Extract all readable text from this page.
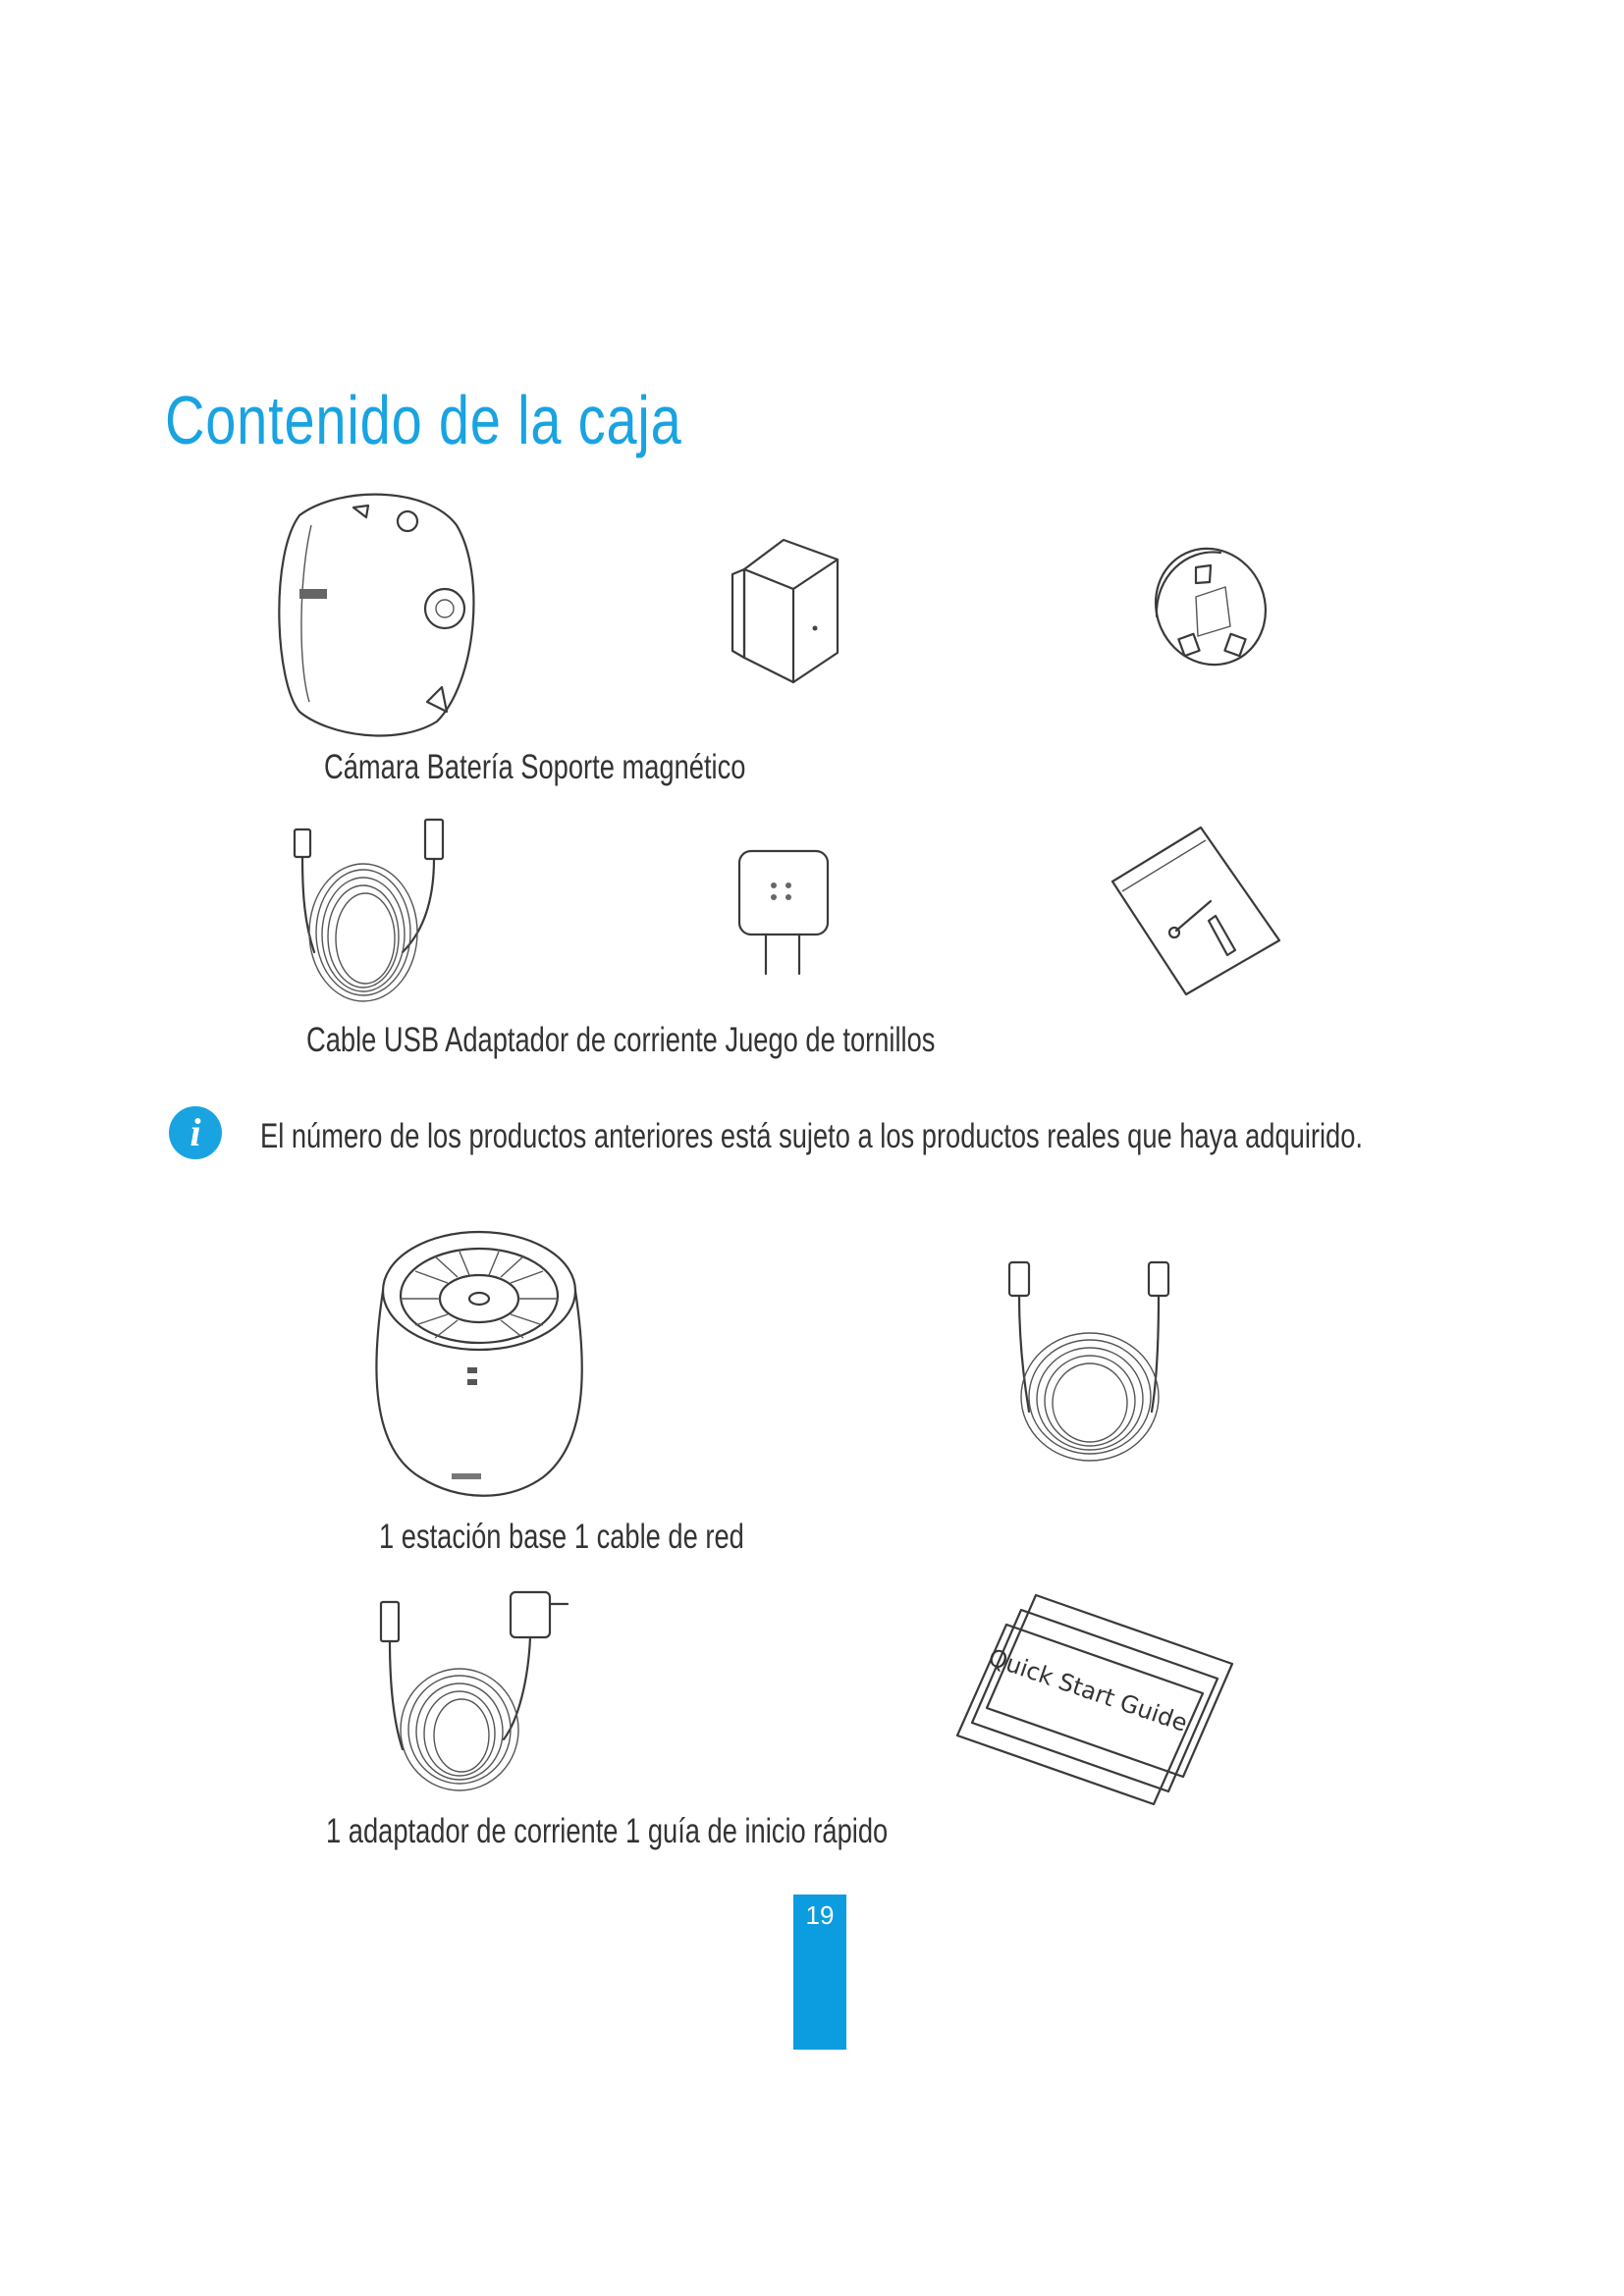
Contenido de la caja
Cámara Batería Soporte magnético
Cable USB Adaptador de corriente Juego de tornillos
i	El número de los productos anteriores está sujeto a los productos reales que haya adquirido.
1 estación base 1 cable de red
Quick Start Guide
1 adaptador de corriente 1 guía de inicio rápido
19
